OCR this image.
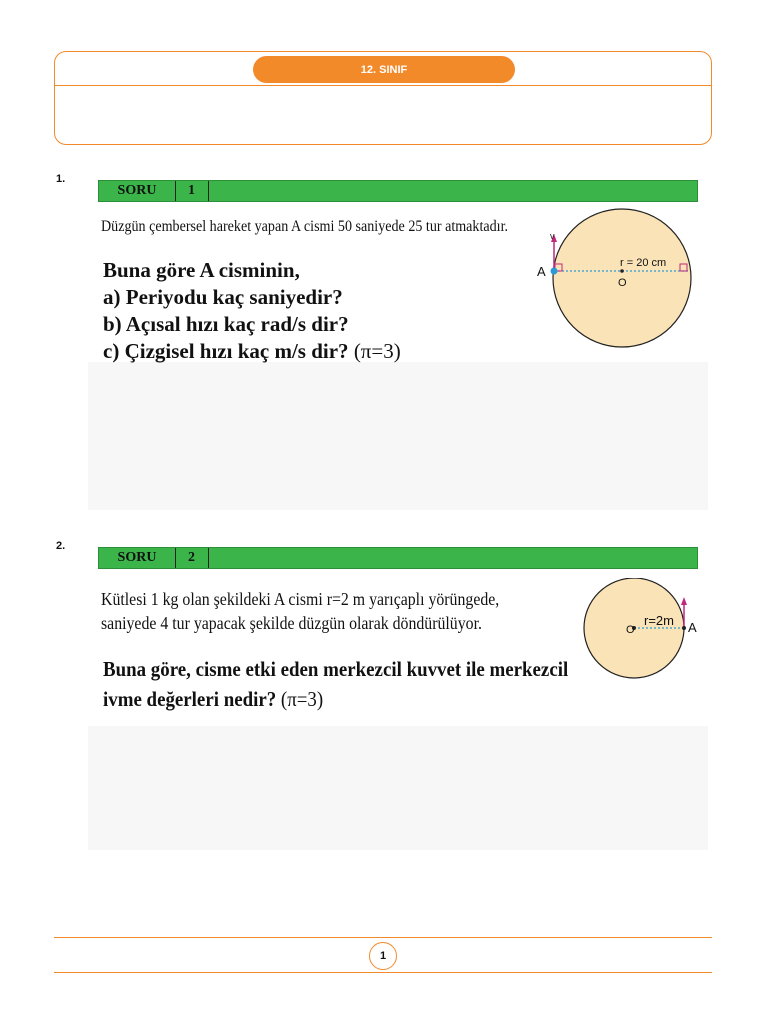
12. SINIF
1.
SORU	1
Düzgün çembersel hareket yapan A cismi 50 saniyede 25 tur atmaktadır.
Buna göre A cisminin,
a) Periyodu kaç saniyedir?
b) Açısal hızı kaç rad/s dir?
c) Çizgisel hızı kaç m/s dir? (π=3)
v
A
r = 20 cm
O
2.
SORU	2
Kütlesi 1 kg olan şekildeki A cismi r=2 m yarıçaplı yörüngede,
saniyede 4 tur yapacak şekilde düzgün olarak döndürülüyor.
Buna göre, cisme etki eden merkezcil kuvvet ile merkezcil
ivme değerleri nedir? (π=3)
O
r=2m A
1
